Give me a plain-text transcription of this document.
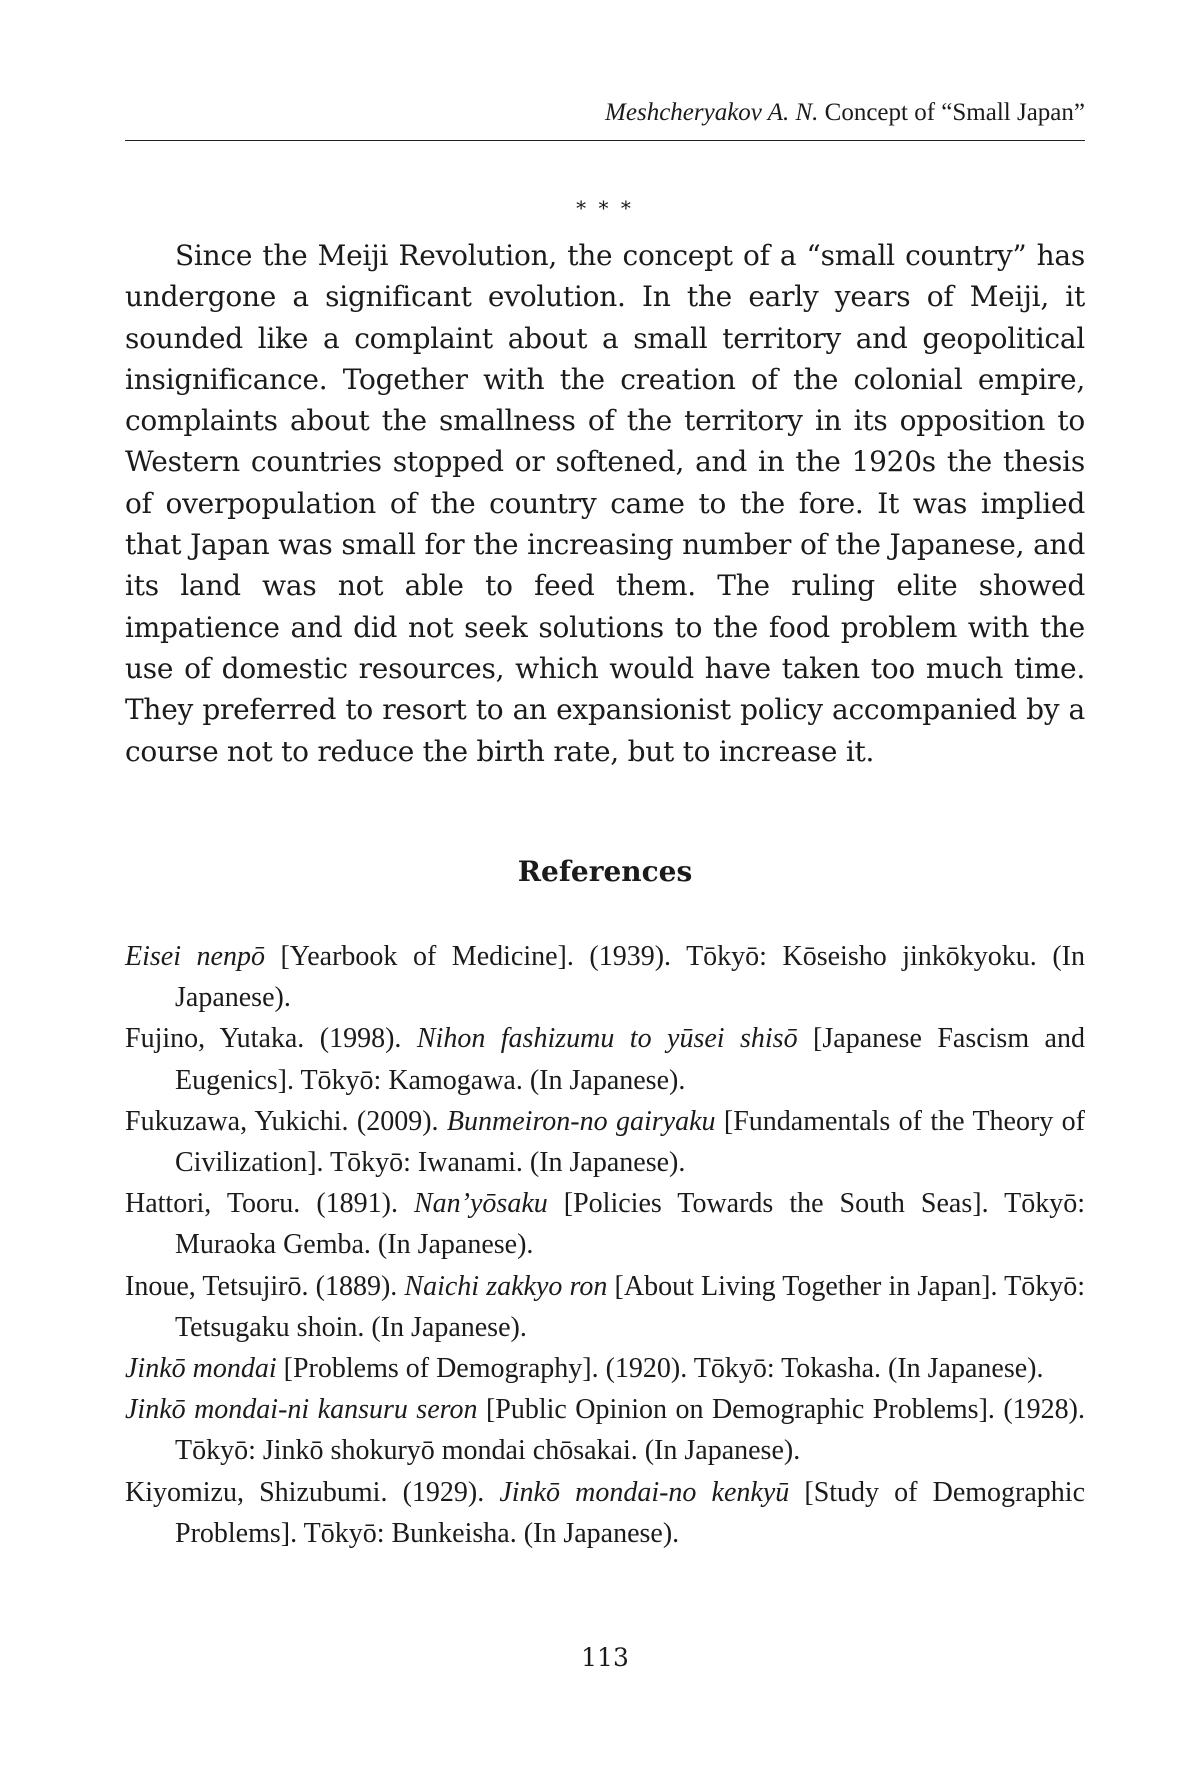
Meshcheryakov A. N. Concept of “Small Japan”
* * *

Since the Meiji Revolution, the concept of a “small country” has undergone a significant evolution. In the early years of Meiji, it sounded like a complaint about a small territory and geopolitical insignificance. Together with the creation of the colonial empire, complaints about the smallness of the territory in its opposition to Western countries stopped or softened, and in the 1920s the thesis of overpopulation of the country came to the fore. It was implied that Japan was small for the increasing number of the Japanese, and its land was not able to feed them. The ruling elite showed impatience and did not seek solutions to the food problem with the use of domestic resources, which would have taken too much time. They preferred to resort to an expansionist policy accompanied by a course not to reduce the birth rate, but to increase it.

References
Eisei nenpō [Yearbook of Medicine]. (1939). Tōkyō: Kōseisho jinkōkyoku. (In Japanese).
Fujino, Yutaka. (1998). Nihon fashizumu to yūsei shisō [Japanese Fascism and Eugenics]. Tōkyō: Kamogawa. (In Japanese).
Fukuzawa, Yukichi. (2009). Bunmeiron-no gairyaku [Fundamentals of the Theory of Civilization]. Tōkyō: Iwanami. (In Japanese).
Hattori, Tooru. (1891). Nan’yōsaku [Policies Towards the South Seas]. Tōkyō: Muraoka Gemba. (In Japanese).
Inoue, Tetsujirō. (1889). Naichi zakkyo ron [About Living Together in Japan]. Tōkyō: Tetsugaku shoin. (In Japanese).
Jinkō mondai [Problems of Demography]. (1920). Tōkyō: Tokasha. (In Japanese).
Jinkō mondai-ni kansuru seron [Public Opinion on Demographic Problems]. (1928). Tōkyō: Jinkō shokuryō mondai chōsakai. (In Japanese).
Kiyomizu, Shizubumi. (1929). Jinkō mondai-no kenkyū [Study of Demographic Problems]. Tōkyō: Bunkeisha. (In Japanese).
113
